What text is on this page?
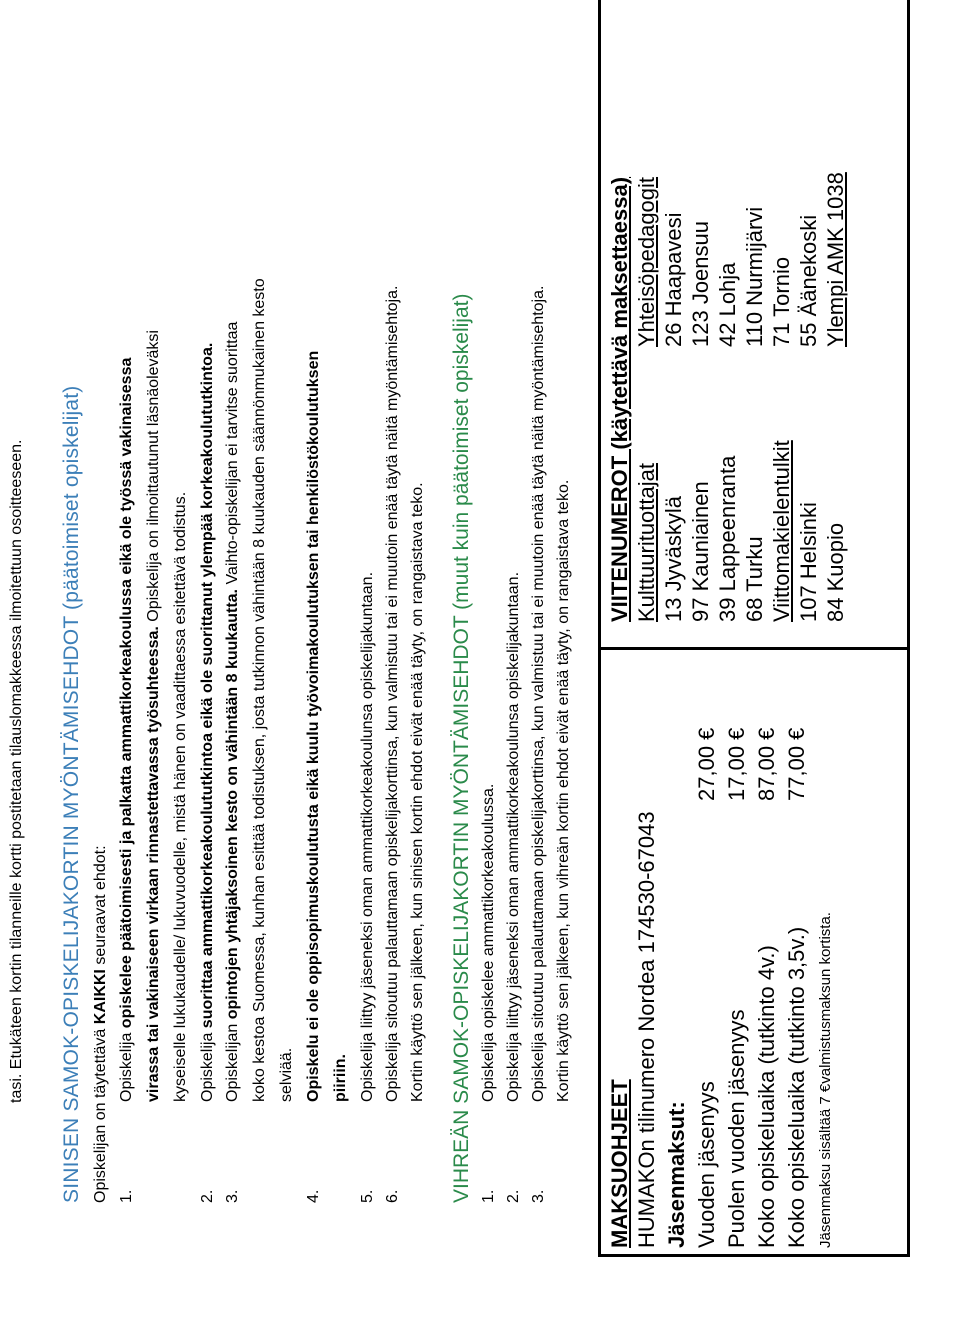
tasi. Etukäteen kortin tilanneille kortti postitetaan tilauslomakkeessa ilmoitettuun osoitteeseen. SINISEN SAMOK-OPISKELIJAKORTIN MYÖNTÄMISEHDOT (päätoimiset opiskelijat) Opiskelijan on täytettävä KAIKKI seuraavat ehdot:
1.
Opiskelija opiskelee päätoimisesti ja palkatta ammattikorkeakoulussa eikä ole työssä vakinaisessa virassa tai vakinaiseen virkaan rinnastettavassa työsuhteessa. Opiskelija on ilmoittautunut läsnäoleväksi
kyseiselle lukukaudelle/ lukuvuodelle, mistä hänen on vaadittaessa esitettävä todistus.
2.
Opiskelija suorittaa ammattikorkeakoulututkintoa eikä ole suorittanut ylempää korkeakoulututkintoa.
3.
Opiskelijan opintojen yhtäjaksoinen kesto on vähintään 8 kuukautta. Vaihto-opiskelijan ei tarvitse suorittaa koko kestoa Suomessa, kunhan esittää todistuksen, josta tutkinnon vähintään 8 kuukauden säännönmukainen kesto selviää.
4.
Opiskelu ei ole oppisopimuskoulutusta eikä kuulu työvoimakoulutuksen tai henkilöstökoulutuksen piiriin.
5.
Opiskelija liittyy jäseneksi oman ammattikorkeakoulunsa opiskelijakuntaan.
6.
Opiskelija sitoutuu palauttamaan opiskelijakorttinsa, kun valmistuu tai ei muutoin enää täytä näitä myöntämisehtoja. Kortin käyttö sen jälkeen, kun sinisen kortin ehdot eivät enää täyty, on rangaistava teko. VIHREÄN SAMOK-OPISKELIJAKORTIN MYÖNTÄMISEHDOT (muut kuin päätoimiset opiskelijat) 1.
Opiskelija opiskelee ammattikorkeakoulussa.
2.
Opiskelija liittyy jäseneksi oman ammattikorkeakoulunsa opiskelijakuntaan.
3.
Opiskelija sitoutuu palauttamaan opiskelijakorttinsa, kun valmistuu tai ei muutoin enää täytä näitä myöntämisehtoja. Kortin käyttö sen jälkeen, kun vihreän kortin ehdot eivät enää täyty, on rangaistava teko.
MAKSUOHJEET HUMAKOn tilinumero Nordea 174530-67043 Jäsenmaksut: Vuoden jäsenyys
27,00 €
Puolen vuoden jäsenyys
17,00 €
Koko opiskeluaika (tutkinto 4v.)
87,00 €
Koko opiskeluaika (tutkinto 3,5v.)
77,00 €
Jäsenmaksu sisältää 7 €valmistusmaksun kortista.
VIITENUMEROT (käytettävä maksettaessa) Kulttuurituottajat 13 Jyväskylä 97 Kauniainen 39 Lappeenranta 68 Turku Viittomakielentulkit 107 Helsinki 84 Kuopio
Yhteisöpedagogit 26 Haapavesi 123 Joensuu 42 Lohja 110 Nurmijärvi 71 Tornio 55 Äänekoski Ylempi AMK 1038
